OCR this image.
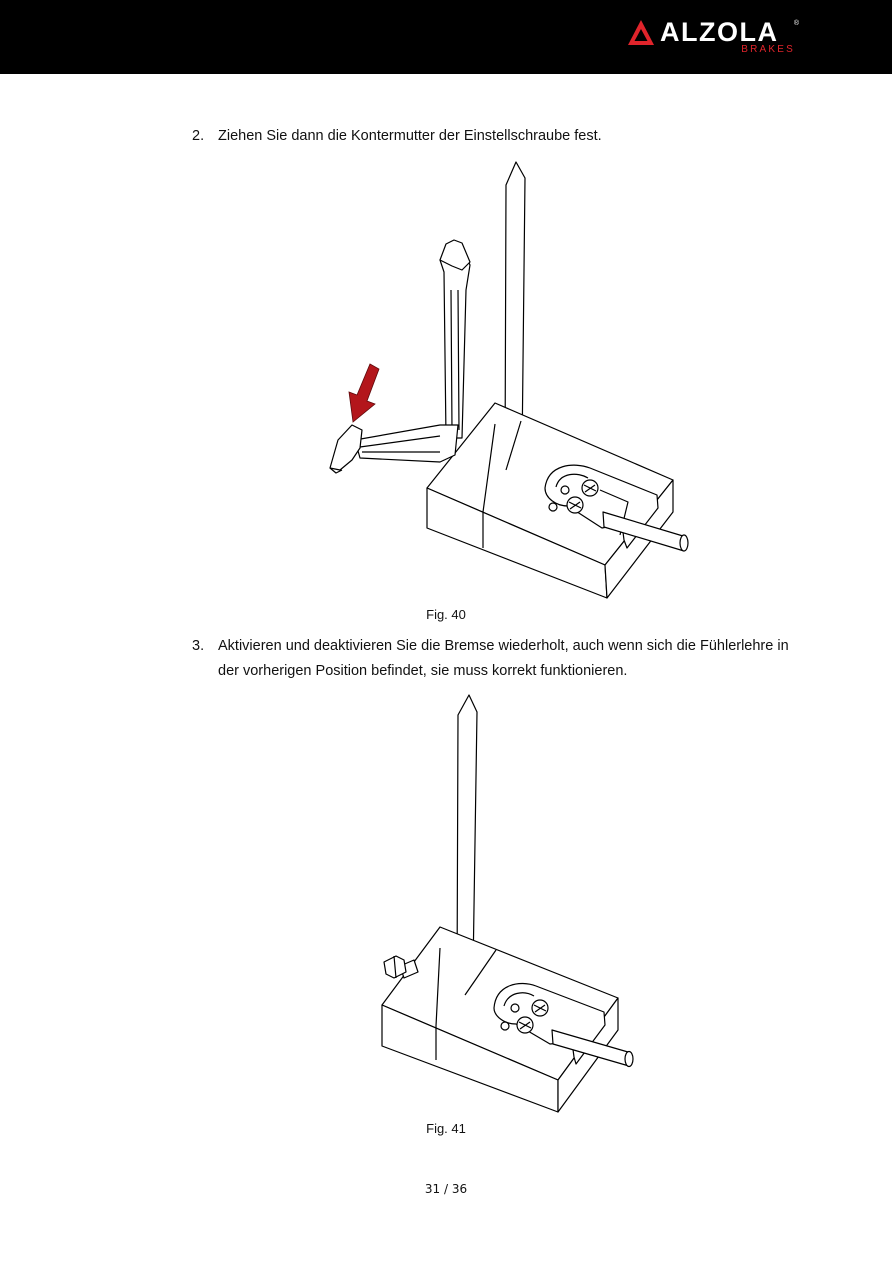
ALZOLA ®
BRAKES
2. Ziehen Sie dann die Kontermutter der Einstellschraube fest.
Fig. 40
3. Aktivieren und deaktivieren Sie die Bremse wiederholt, auch wenn sich die Fühlerlehre in der vorherigen Position befindet, sie muss korrekt funktionieren.
Fig. 41
31 / 36
